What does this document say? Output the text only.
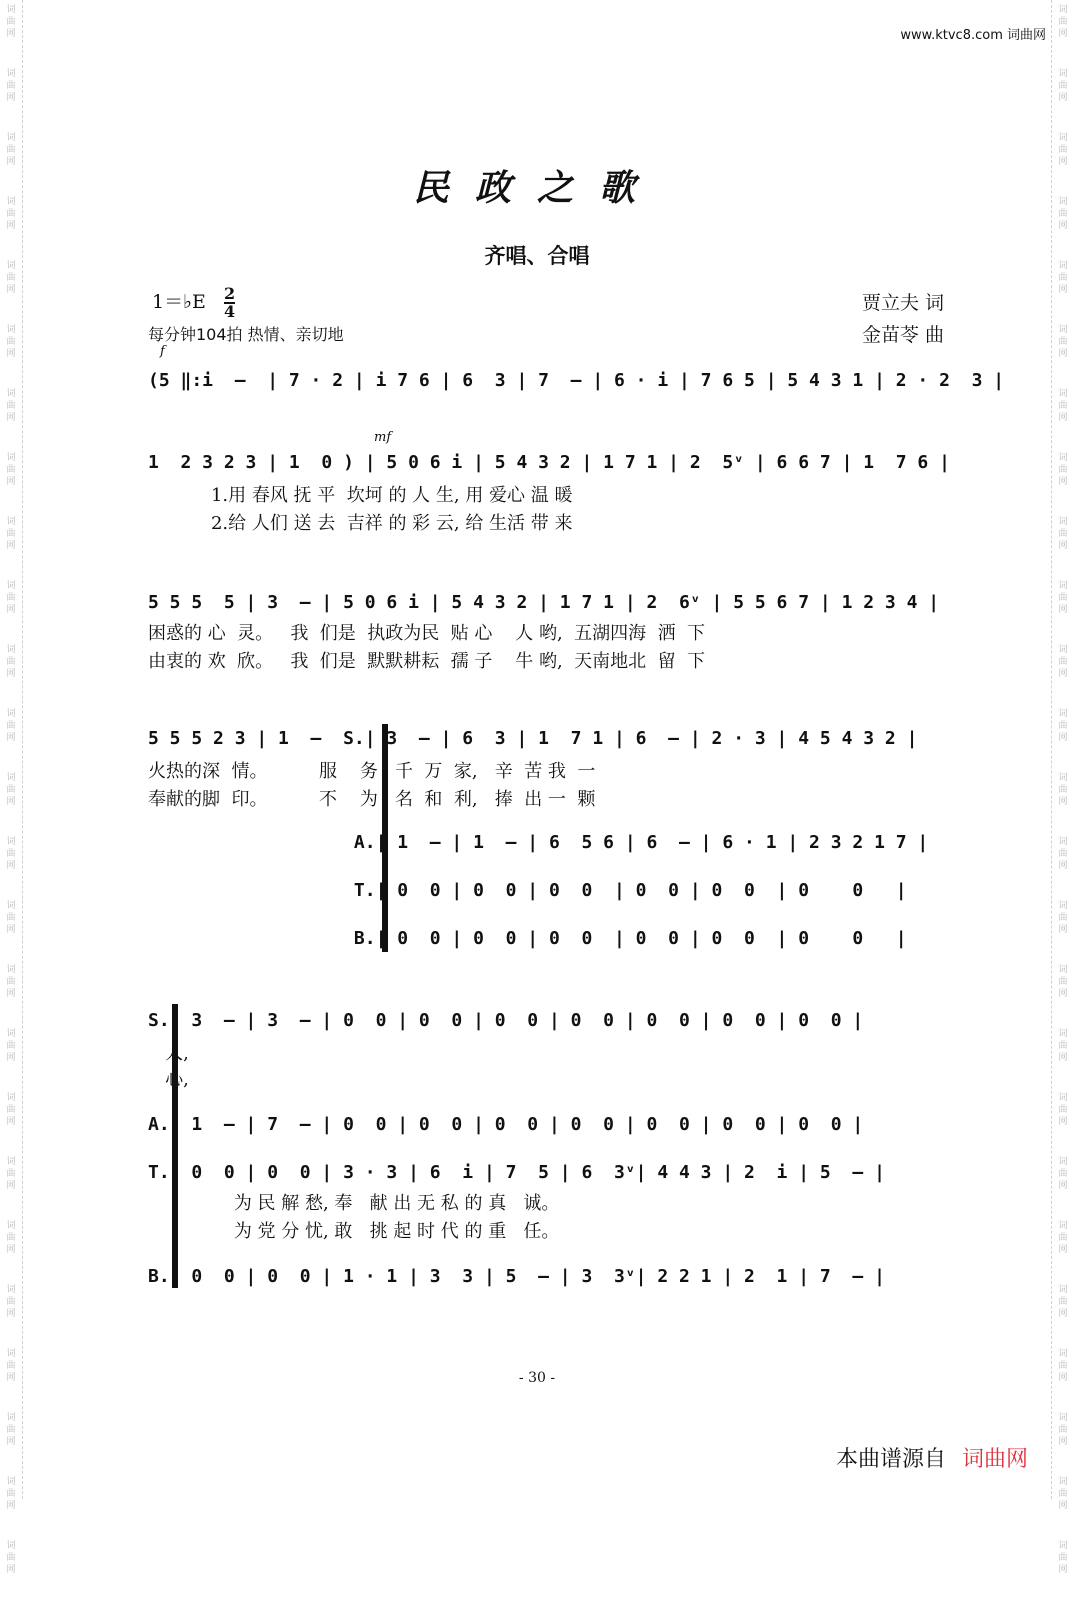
词
曲
网
词
曲
网
词
曲
网
词
曲
网
词
曲
网
词
曲
网
词
曲
网
词
曲
网
词
曲
网
词
曲
网
词
曲
网
词
曲
网
词
曲
网
词
曲
网
词
曲
网
词
曲
网
词
曲
网
词
曲
网
词
曲
网
词
曲
网
词
曲
网
词
曲
网
词
曲
网
词
曲
网
词
曲
网
词
曲
网
词
曲
网
词
曲
网
词
曲
网
词
曲
网
词
曲
网
词
曲
网
词
曲
网
词
曲
网
词
曲
网
词
曲
网
词
曲
网
词
曲
网
词
曲
网
词
曲
网
词
曲
网
词
曲
网
词
曲
网
词
曲
网
词
曲
网
词
曲
网
词
曲
网
词
曲
网
词
曲
网
词
曲
网
www.ktvc8.com 词曲网
民政之歌
齐唱、合唱
1＝♭E $\frac{2}{4}$
每分钟104拍 热情、亲切地
贾立夫 词
金苗苓 曲
f
mf
(5 ‖:i  –  | 7 · 2 | i 7 6 | 6  3 | 7  – | 6 · i | 7 6 5 | 5 4 3 1 | 2 · 2  3 |
1  2 3 2 3 | 1  0 ) | 5 0 6 i | 5 4 3 2 | 1 7 1 | 2  5ᵛ | 6 6 7 | 1  7 6 |
1.用 春风 抚 平  坎坷 的 人 生, 用 爱心 温 暖
2.给 人们 送 去  吉祥 的 彩 云, 给 生活 带 来
5 5 5  5 | 3  – | 5 0 6 i | 5 4 3 2 | 1 7 1 | 2  6ᵛ | 5 5 6 7 | 1 2 3 4 |
困惑的 心  灵。   我  们是  执政为民  贴 心    人 哟,  五湖四海  洒  下
由衷的 欢  欣。   我  们是  默默耕耘  孺 子    牛 哟,  天南地北  留  下
5 5 5 2 3 | 1  –  S.| 3  – | 6  3 | 1  7 1 | 6  – | 2 · 3 | 4 5 4 3 2 |
火热的深  情。         服    务   千  万  家,   辛  苦 我  一
奉献的脚  印。         不    为   名  和  利,   捧  出 一  颗
A.| 1  – | 1  – | 6  5 6 | 6  – | 6 · 1 | 2 3 2 1 7 |
T.| 0  0 | 0  0 | 0  0  | 0  0 | 0  0  | 0    0   |
B.| 0  0 | 0  0 | 0  0  | 0  0 | 0  0  | 0    0   |
S.| 3  – | 3  – | 0  0 | 0  0 | 0  0 | 0  0 | 0  0 | 0  0 | 0  0 |
人,
心,
A.| 1  – | 7  – | 0  0 | 0  0 | 0  0 | 0  0 | 0  0 | 0  0 | 0  0 |
T.| 0  0 | 0  0 | 3 · 3 | 6  i | 7  5 | 6  3ᵛ| 4 4 3 | 2  i | 5  – |
为 民 解 愁, 奉   献 出 无 私 的 真   诚。
为 党 分 忧, 敢   挑 起 时 代 的 重   任。
B.| 0  0 | 0  0 | 1 · 1 | 3  3 | 5  – | 3  3ᵛ| 2 2 1 | 2  1 | 7  – |
- 30 -
本曲谱源自 词曲网
